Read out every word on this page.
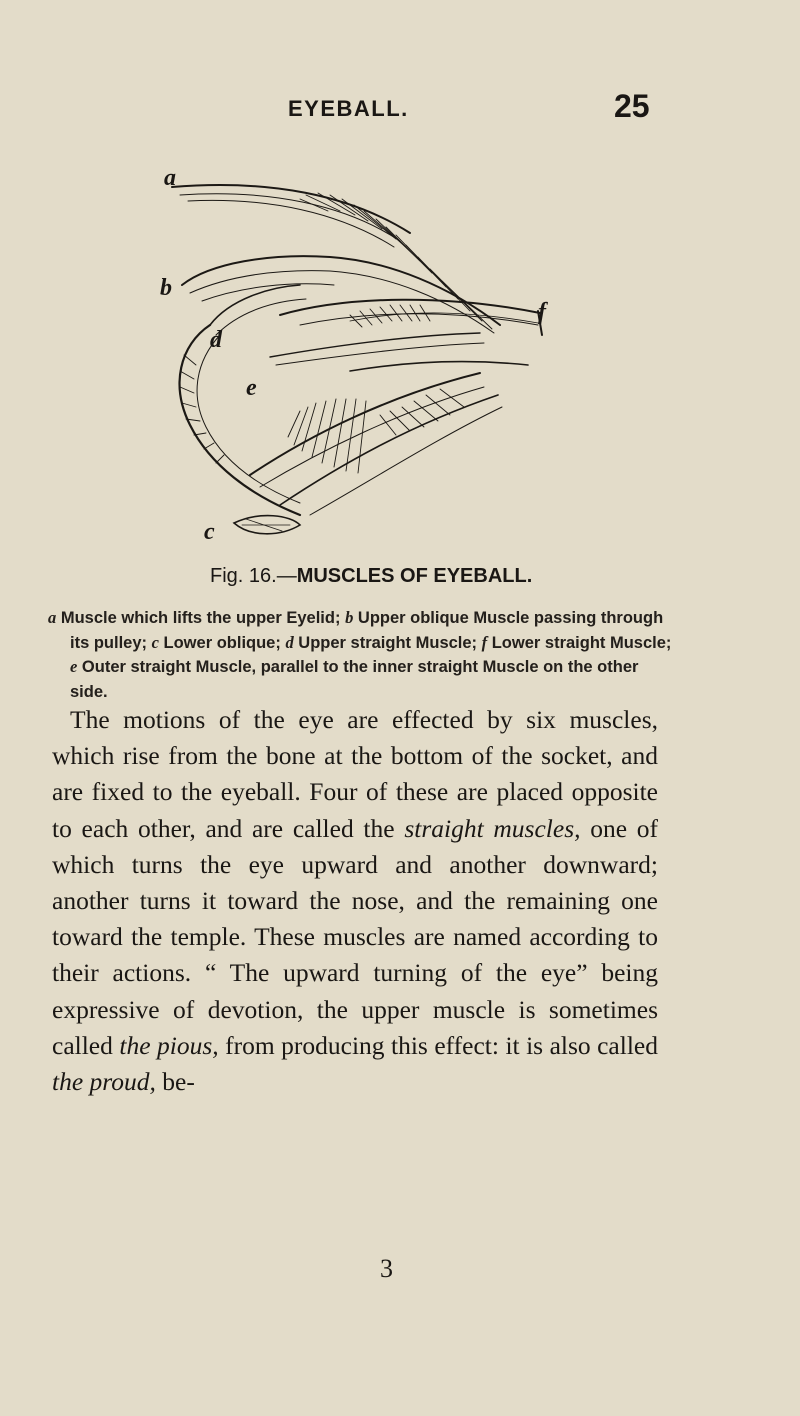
EYEBALL.	25
a
b
d
e
f
c
Fig. 16.—MUSCLES OF EYEBALL.

a Muscle which lifts the upper Eyelid; b Upper oblique Muscle passing through its pulley; c Lower oblique; d Upper straight Muscle; f Lower straight Muscle; e Outer straight Muscle, parallel to the inner straight Muscle on the other side.

The motions of the eye are effected by six muscles, which rise from the bone at the bottom of the socket, and are fixed to the eyeball. Four of these are placed opposite to each other, and are called the straight muscles, one of which turns the eye upward and another downward; another turns it toward the nose, and the remaining one toward the temple. These muscles are named according to their actions. “ The upward turning of the eye” being expressive of devotion, the upper muscle is sometimes called the pious, from producing this effect: it is also called the proud, be-

3
